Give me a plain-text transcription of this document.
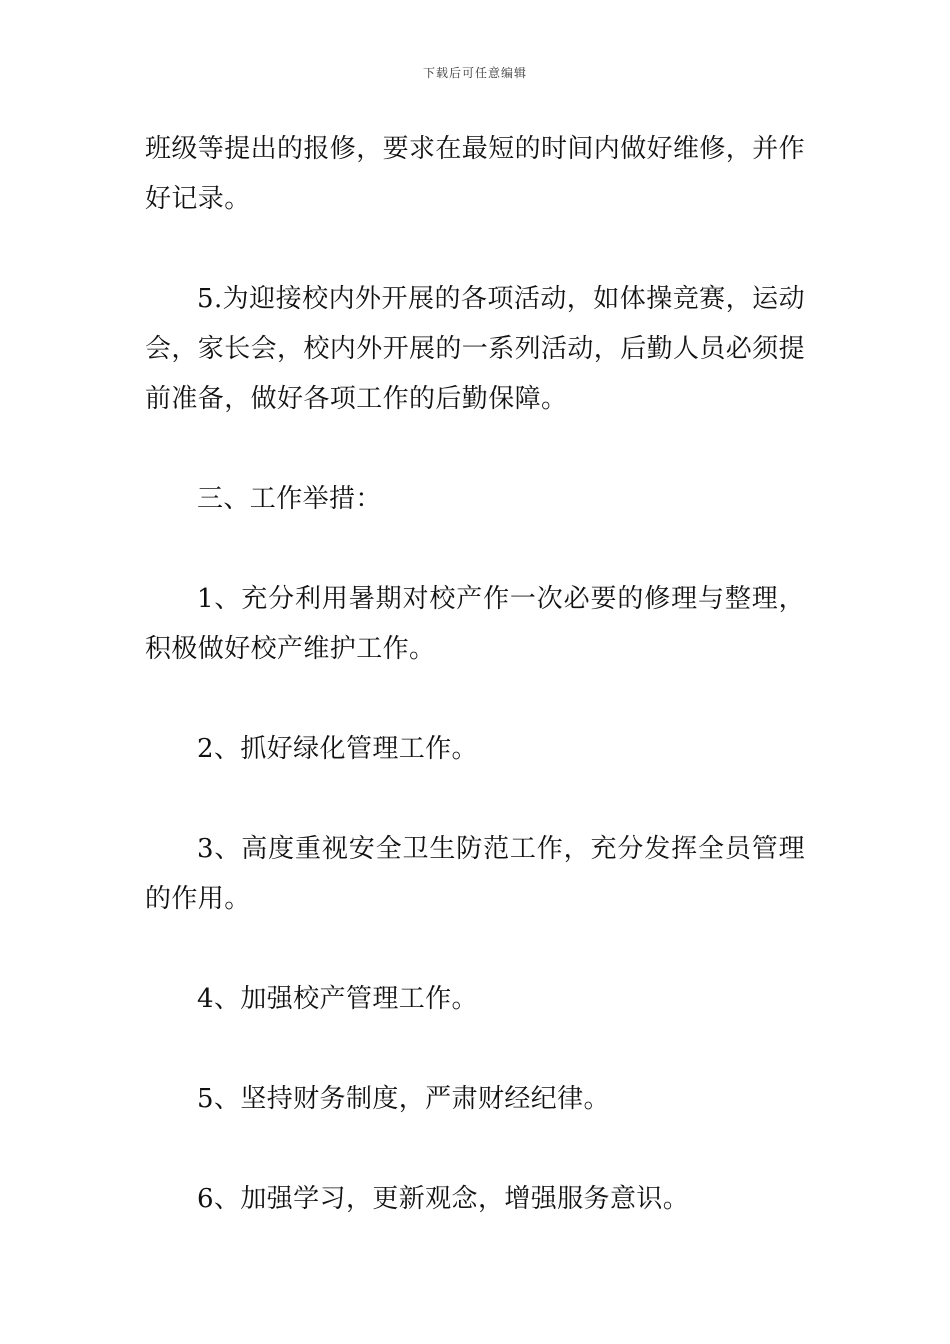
下载后可任意编辑

班级等提出的报修，要求在最短的时间内做好维修，并作好记录。

5.为迎接校内外开展的各项活动，如体操竞赛，运动会，家长会，校内外开展的一系列活动，后勤人员必须提前准备，做好各项工作的后勤保障。

三、工作举措：

1、充分利用暑期对校产作一次必要的修理与整理，积极做好校产维护工作。

2、抓好绿化管理工作。

3、高度重视安全卫生防范工作，充分发挥全员管理的作用。

4、加强校产管理工作。

5、坚持财务制度，严肃财经纪律。

6、加强学习，更新观念，增强服务意识。
